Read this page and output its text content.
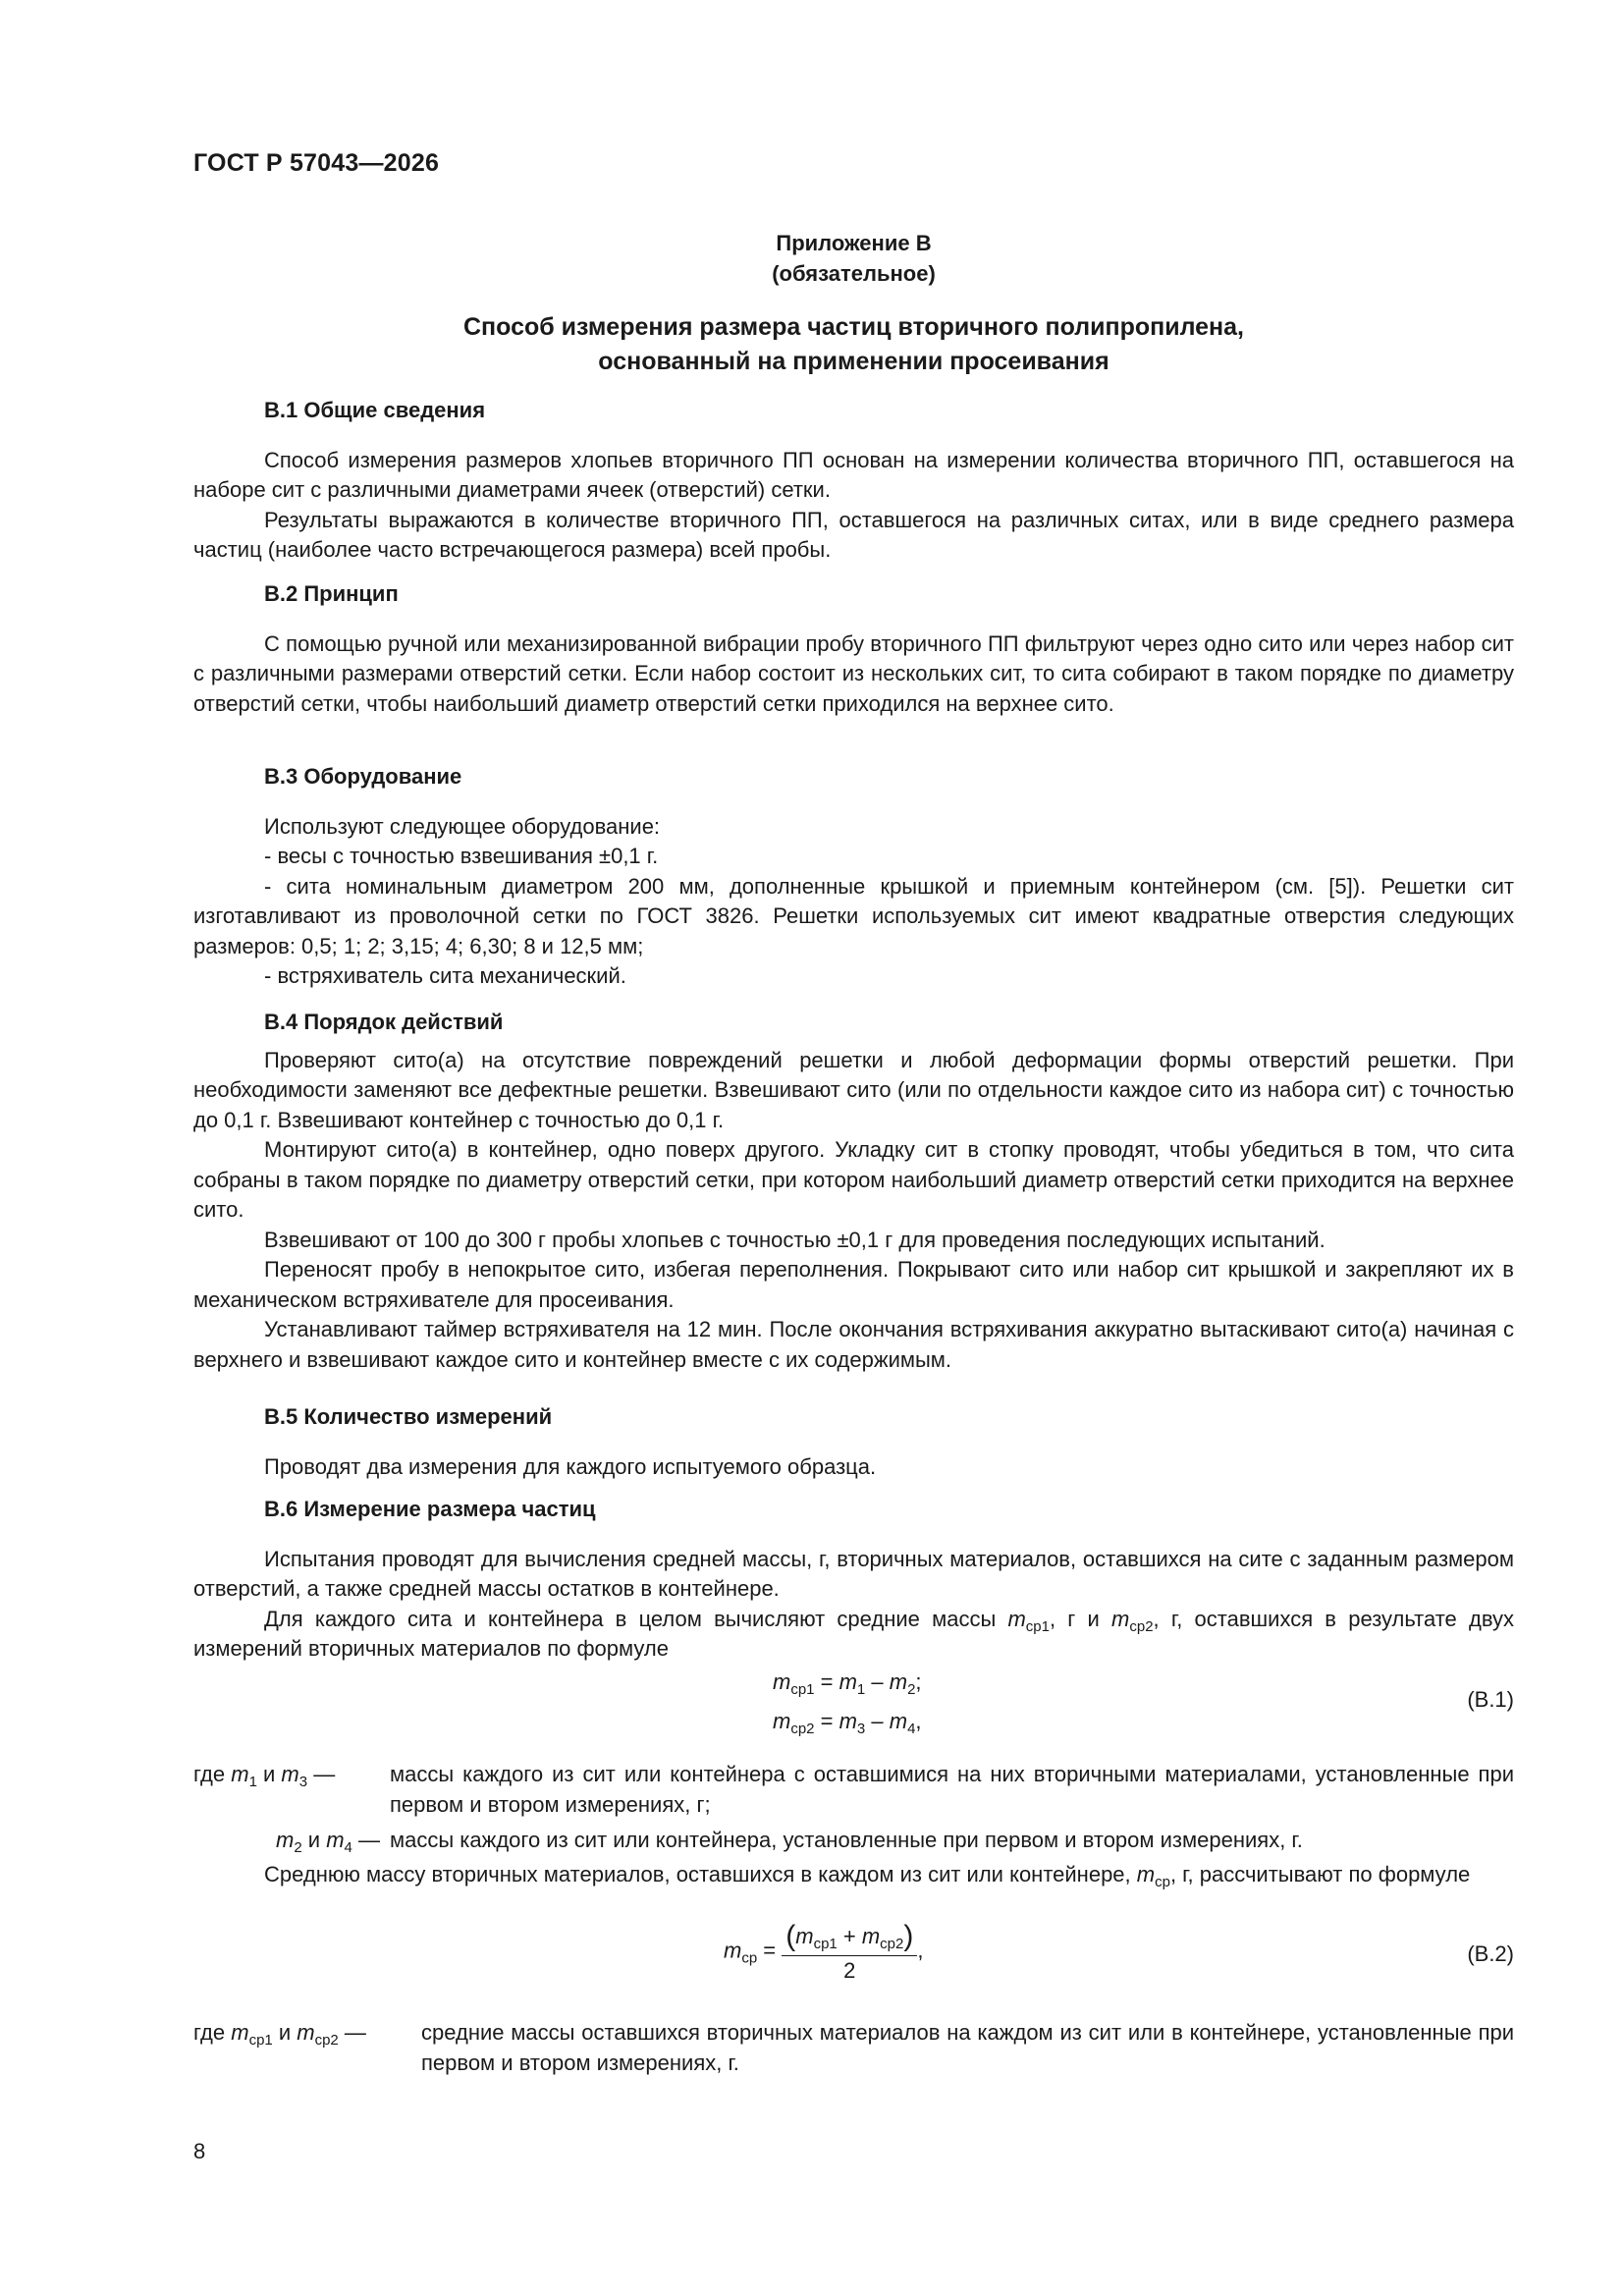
ГОСТ Р 57043—2026
Приложение В
(обязательное)
Способ измерения размера частиц вторичного полипропилена,
основанный на применении просеивания
В.1 Общие сведения

Способ измерения размеров хлопьев вторичного ПП основан на измерении количества вторичного ПП, оставшегося на наборе сит с различными диаметрами ячеек (отверстий) сетки.

Результаты выражаются в количестве вторичного ПП, оставшегося на различных ситах, или в виде среднего размера частиц (наиболее часто встречающегося размера) всей пробы.

В.2 Принцип

С помощью ручной или механизированной вибрации пробу вторичного ПП фильтруют через одно сито или через набор сит с различными размерами отверстий сетки. Если набор состоит из нескольких сит, то сита собирают в таком порядке по диаметру отверстий сетки, чтобы наибольший диаметр отверстий сетки приходился на верхнее сито.

В.3 Оборудование

Используют следующее оборудование:

- весы с точностью взвешивания ±0,1 г.

- сита номинальным диаметром 200 мм, дополненные крышкой и приемным контейнером (см. [5]). Решетки сит изготавливают из проволочной сетки по ГОСТ 3826. Решетки используемых сит имеют квадратные отверстия следующих размеров: 0,5; 1; 2; 3,15; 4; 6,30; 8 и 12,5 мм;

- встряхиватель сита механический.

В.4 Порядок действий

Проверяют сито(а) на отсутствие повреждений решетки и любой деформации формы отверстий решетки. При необходимости заменяют все дефектные решетки. Взвешивают сито (или по отдельности каждое сито из набора сит) с точностью до 0,1 г. Взвешивают контейнер с точностью до 0,1 г.

Монтируют сито(а) в контейнер, одно поверх другого. Укладку сит в стопку проводят, чтобы убедиться в том, что сита собраны в таком порядке по диаметру отверстий сетки, при котором наибольший диаметр отверстий сетки приходится на верхнее сито.

Взвешивают от 100 до 300 г пробы хлопьев с точностью ±0,1 г для проведения последующих испытаний.

Переносят пробу в непокрытое сито, избегая переполнения. Покрывают сито или набор сит крышкой и закрепляют их в механическом встряхивателе для просеивания.

Устанавливают таймер встряхивателя на 12 мин. После окончания встряхивания аккуратно вытаскивают сито(а) начиная с верхнего и взвешивают каждое сито и контейнер вместе с их содержимым.

В.5 Количество измерений

Проводят два измерения для каждого испытуемого образца.

В.6 Измерение размера частиц

Испытания проводят для вычисления средней массы, г, вторичных материалов, оставшихся на сите с заданным размером отверстий, а также средней массы остатков в контейнере.

Для каждого сита и контейнера в целом вычисляют средние массы $m_{ср1}$, г и $m_{ср2}$, г, оставшихся в результате двух измерений вторичных материалов по формуле

$m_{ср1} = m_1 - m_2$;
$m_{ср2} = m_3 - m_4$,
(В.1)
где $m_1$ и $m_3$ —	массы каждого из сит или контейнера с оставшимися на них вторичными материалами, установленные при первом и втором измерениях, г;
$m_2$ и $m_4$ — массы каждого из сит или контейнера, установленные при первом и втором измерениях, г.

Среднюю массу вторичных материалов, оставшихся в каждом из сит или контейнере, $m_{ср}$, г, рассчитывают по формуле

$m_{ср} = \frac{(m_{ср1} + m_{ср2})}{2}$ ,	(В.2)
где $m_{ср1}$ и $m_{ср2}$ —	средние массы оставшихся вторичных материалов на каждом из сит или в контейнере, установленные при первом и втором измерениях, г.
8
